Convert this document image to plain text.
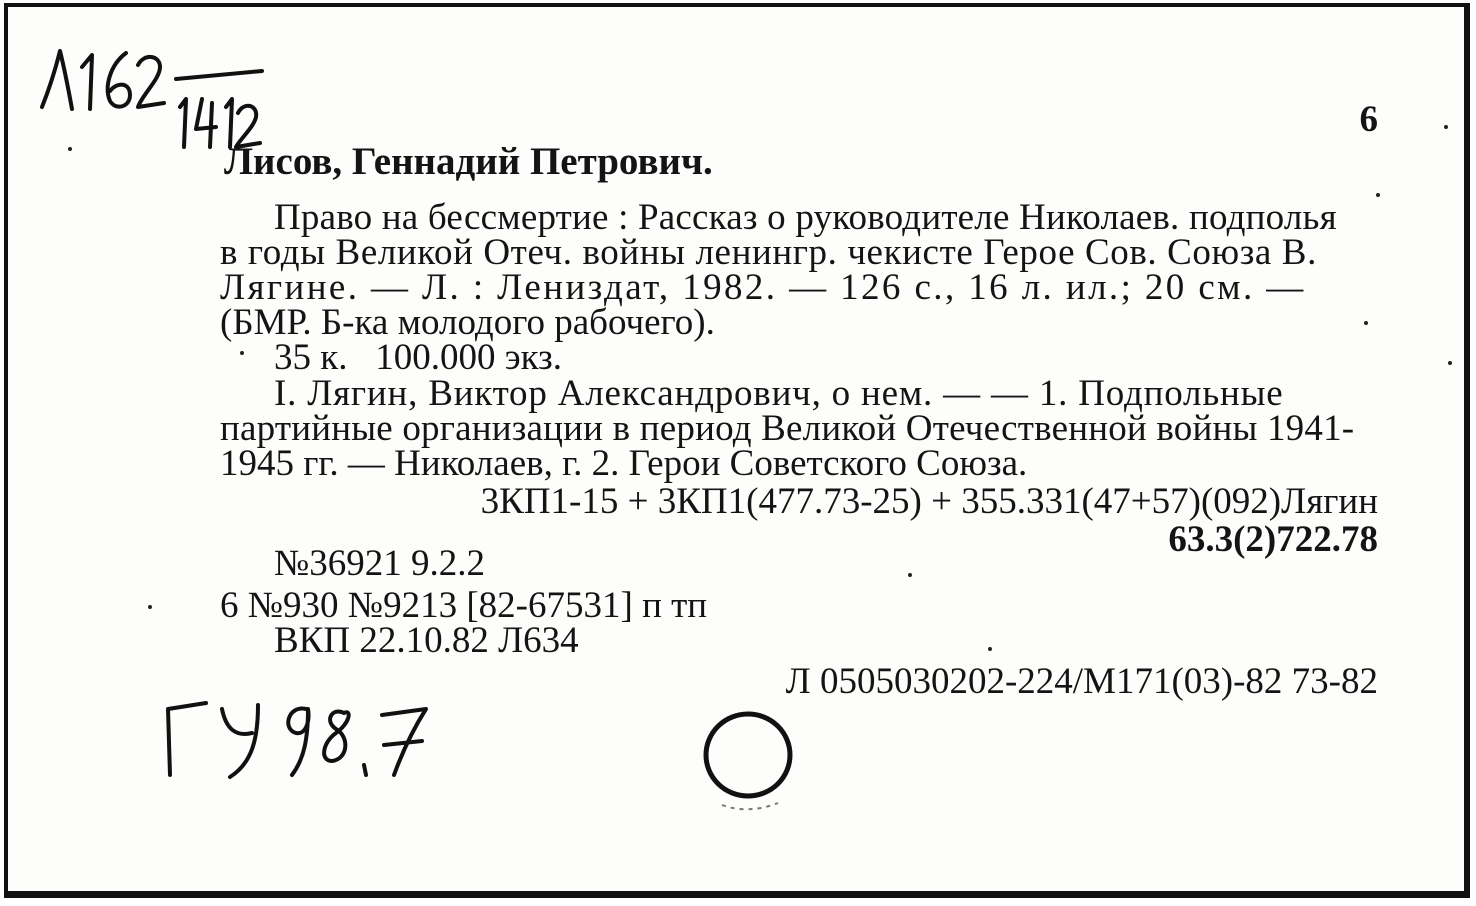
6
Лисов, Геннадий Петрович.
Право на бессмертие : Рассказ о руководителе Николаев. подполья
в годы Великой Отеч. войны ленингр. чекисте Герое Сов. Союза В.
Лягине. — Л. : Лениздат, 1982. — 126 с., 16 л. ил.; 20 см. —
(БМР. Б-ка молодого рабочего).
35 к.   100.000 экз.
I. Лягин, Виктор Александрович, о нем. — — 1. Подпольные
партийные организации в период Великой Отечественной войны 1941-
1945 гг. — Николаев, г. 2. Герои Советского Союза.
3КП1-15 + 3КП1(477.73-25) + 355.331(47+57)(092)Лягин
63.3(2)722.78
№36921 9.2.2
6 №930 №9213 [82-67531] п тп
ВКП 22.10.82 Л634
Л 0505030202-224/М171(03)-82 73-82
